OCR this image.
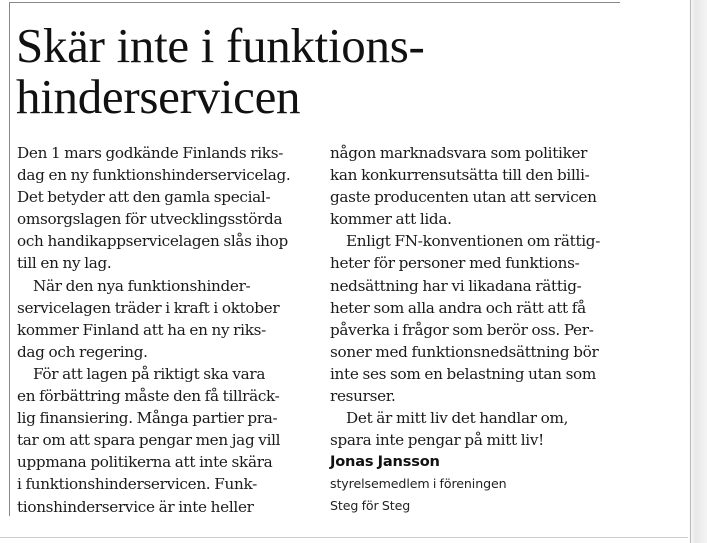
Skär inte i funktions-
hinderservicen
Den 1 mars godkände Finlands riks-
dag en ny funktionshinderservicelag.
Det betyder att den gamla special-
omsorgslagen för utvecklingsstörda
och handikappservicelagen slås ihop
till en ny lag.
När den nya funktionshinder-
servicelagen träder i kraft i oktober
kommer Finland att ha en ny riks-
dag och regering.
För att lagen på riktigt ska vara
en förbättring måste den få tillräck-
lig finansiering. Många partier pra-
tar om att spara pengar men jag vill
uppmana politikerna att inte skära
i funktionshinderservicen. Funk-
tionshinderservice är inte heller
någon marknadsvara som politiker
kan konkurrensutsätta till den billi-
gaste producenten utan att servicen
kommer att lida.
Enligt FN-konventionen om rättig-
heter för personer med funktions-
nedsättning har vi likadana rättig-
heter som alla andra och rätt att få
påverka i frågor som berör oss. Per-
soner med funktionsnedsättning bör
inte ses som en belastning utan som
resurser.
Det är mitt liv det handlar om,
spara inte pengar på mitt liv!
Jonas Jansson
styrelsemedlem i föreningen
Steg för Steg
